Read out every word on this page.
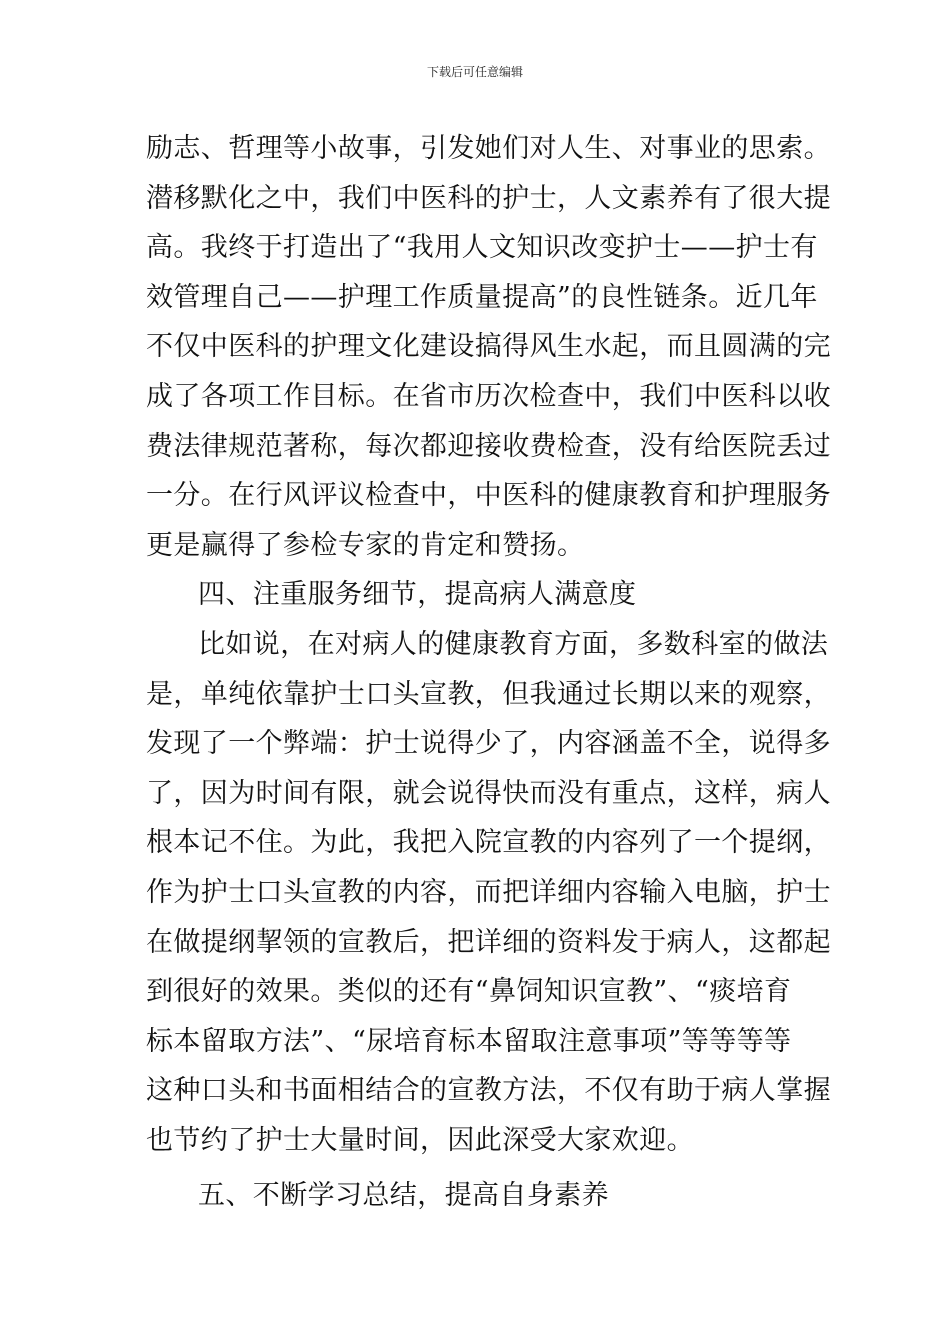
下载后可任意编辑
励志、哲理等小故事，引发她们对人生、对事业的思索。
潜移默化之中，我们中医科的护士，人文素养有了很大提
高。我终于打造出了“我用人文知识改变护士——护士有
效管理自己——护理工作质量提高”的良性链条。近几年
不仅中医科的护理文化建设搞得风生水起，而且圆满的完
成了各项工作目标。在省市历次检查中，我们中医科以收
费法律规范著称，每次都迎接收费检查，没有给医院丢过
一分。在行风评议检查中，中医科的健康教育和护理服务
更是赢得了参检专家的肯定和赞扬。
四、注重服务细节，提高病人满意度
比如说，在对病人的健康教育方面，多数科室的做法
是，单纯依靠护士口头宣教，但我通过长期以来的观察，
发现了一个弊端：护士说得少了，内容涵盖不全，说得多
了，因为时间有限，就会说得快而没有重点，这样，病人
根本记不住。为此，我把入院宣教的内容列了一个提纲，
作为护士口头宣教的内容，而把详细内容输入电脑，护士
在做提纲挈领的宣教后，把详细的资料发于病人，这都起
到很好的效果。类似的还有“鼻饲知识宣教”、“痰培育
标本留取方法”、“尿培育标本留取注意事项”等等等等
这种口头和书面相结合的宣教方法，不仅有助于病人掌握
也节约了护士大量时间，因此深受大家欢迎。
五、不断学习总结，提高自身素养
